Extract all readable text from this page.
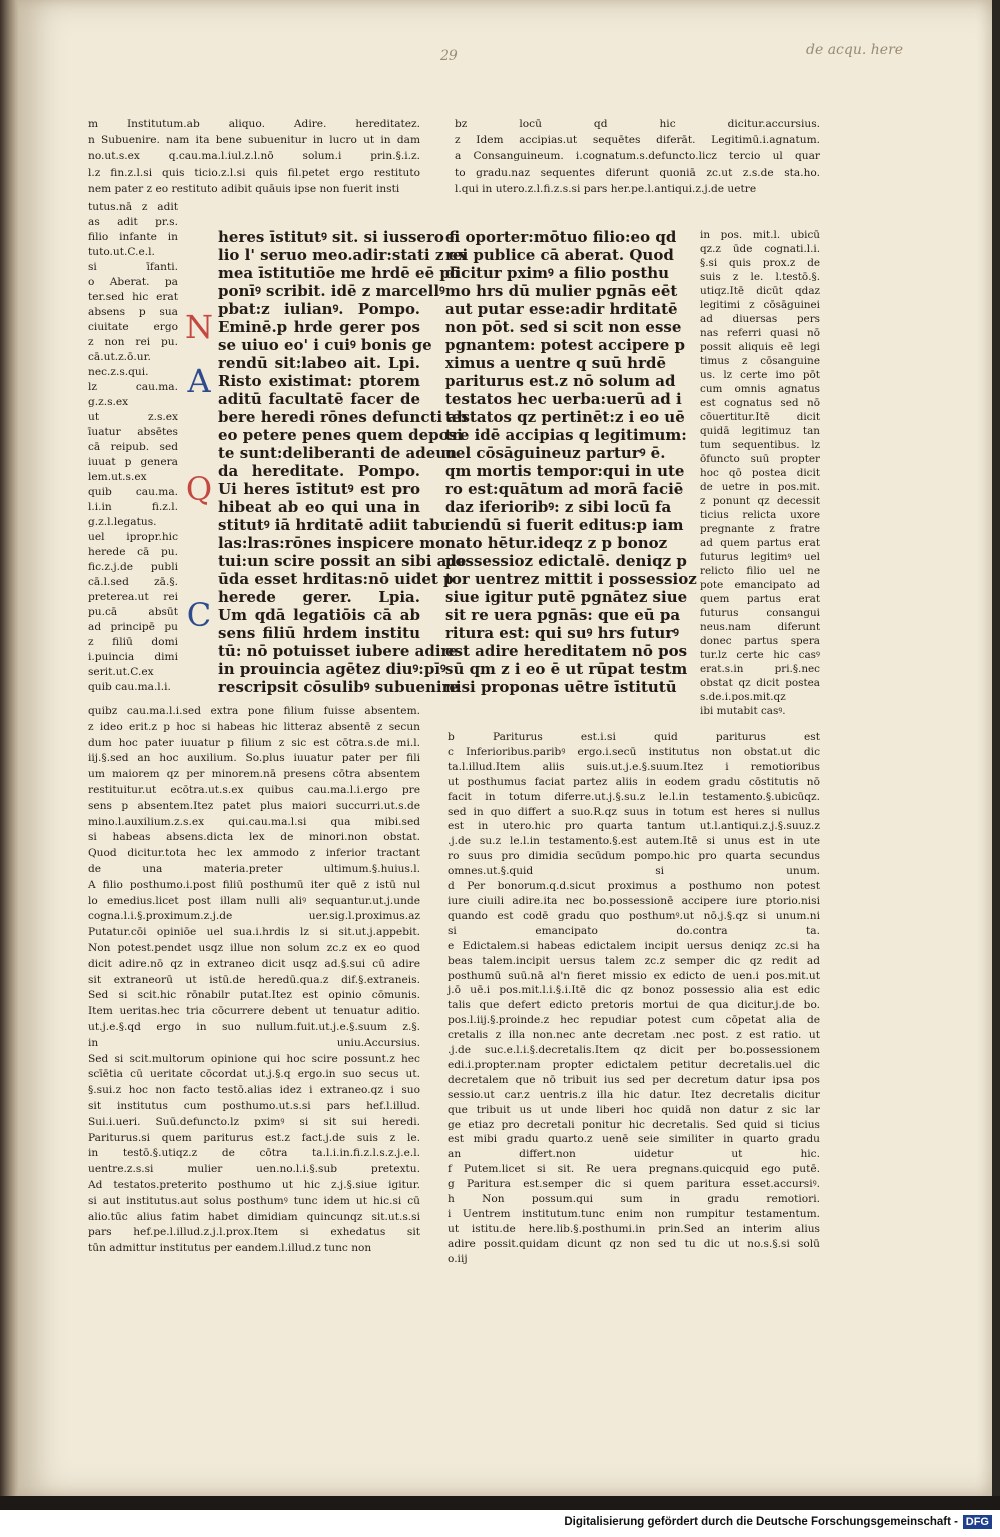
29	de acqu. here
m Institutum.ab aliquo. Adire. hereditatez.
n Subuenire. nam ita bene subuenitur in lucro ut in dam
no.ut.s.ex q.cau.ma.l.iul.z.l.nō solum.i prin.§.i.z.
l.z fin.z.l.si quis ticio.z.l.si quis fil.petet ergo restituto
nem pater z eo restituto adibit quāuis ipse non fuerit insti
bz locū qd hic dicitur.accursius.
z Idem accipias.ut sequētes diferāt. Legitimū.i.agnatum.
a Consanguineum. i.cognatum.s.defuncto.licz tercio ul quar
to gradu.naz sequentes diferunt quoniā zc.ut z.s.de sta.ho.
l.qui in utero.z.l.fi.z.s.si pars her.pe.l.antiqui.z.j.de uetre
tutus.nā z adit
as adit pr.s.
filio infante in
tuto.ut.C.e.l.
si īfanti.
o Aberat. pa
ter.sed hic erat
absens p sua
ciuitate ergo
z non rei pu.
cā.ut.z.ō.ur.
nec.z.s.qui.
lz cau.ma.
g.z.s.ex
ut z.s.ex
īuatur absētes
cā reipub. sed
iuuat p genera
lem.ut.s.ex
quib cau.ma.
l.i.in fi.z.l.
g.z.l.legatus.
uel ipropr.hic
herede cā pu.
fic.z.j.de publi
cā.l.sed zā.§.
preterea.ut rei
pu.cā absūt
ad principē pu
z filiū domi
i.puincia dimi
serit.ut.C.ex
quib cau.ma.l.i.
heres īstitutꝰ sit. si iussero fi
lio l' seruo meo.adir:stati z ex
mea īstitutiōe me hrdē eē pō
ponīꝰ scribit. idē z marcellꝰ
pbat:z iulianꝰ. Pompo.
Eminē.p hrde gerer pos
se uiuo eo' i cuiꝰ bonis ge
rendū sit:labeo ait. Lpi.
Risto existimat: ptorem
aditū facultatē facer de
bere heredi rōnes defuncti ab
eo petere penes quem deposi
te sunt:deliberanti de adeun
da hereditate. Pompo.
Ui heres īstitutꝰ est pro
hibeat ab eo qui una in
stitutꝰ iā hrditatē adiit tabu
las:lras:rōnes inspicere mor
tui:un scire possit an sibi ade
ūda esset hrditas:nō uidet p
herede gerer. Lpia.
Um qdā legatiōis cā ab
sens filiū hrdem institu
tū: nō potuisset iubere adire
in prouincia agētez diuꝰ:pīꝰ
rescripsit cōsulibꝰ subuenire
ei oporter:mōtuo filio:eo qd
rei publice cā aberat. Quod
dicitur pximꝰ a filio posthu
mo hrs dū mulier pgnās eēt
aut putar esse:adir hrditatē
non pōt. sed si scit non esse
pgnantem: potest accipere p
ximus a uentre q suū hrdē
pariturus est.z nō solum ad
testatos hec uerba:uerū ad i
testatos qz pertinēt:z i eo uē
tre idē accipias q legitimum:
uel cōsāguineuz parturꝰ ē.
qm mortis tempor:qui in ute
ro est:quātum ad morā faciē
daz iferioribꝰ: z sibi locū fa
ciendū si fuerit editus:p iam
nato hētur.ideqz z p bonoz
possessioz edictalē. deniqz p
tor uentrez mittit i possessioz
siue igitur putē pgnātez siue
sit re uera pgnās: que eū pa
ritura est: qui suꝰ hrs futurꝰ
est adire hereditatem nō pos
sū qm z i eo ē ut rūpat testm
nisi proponas uētre īstitutū
in pos. mit.l. ubicū
qz.z ūde cognati.l.i.
§.si quis prox.z de
suis z le. l.testō.§.
utiqz.Itē dicūt qdaz
legitimi z cōsāguinei
ad diuersas pers
nas referri quasi nō
possit aliquis eē legi
timus z cōsanguine
us. lz certe imo pōt
cum omnis agnatus
est cognatus sed nō
cōuertitur.Itē dicit
quidā legitimuz tan
tum sequentibus. lz
ōfuncto suū propter
hoc qō postea dicit
de uetre in pos.mit.
z ponunt qz decessit
ticius relicta uxore
pregnante z fratre
ad quem partus erat
futurus legitimꝰ uel
relicto filio uel ne
pote emancipato ad
quem partus erat
futurus consangui
neus.nam diferunt
donec partus spera
tur.lz certe hic casꝰ
erat.s.in pri.§.nec
obstat qz dicit postea
s.de.i.pos.mit.qz
ibi mutabit casꝰ.
quibz cau.ma.l.i.sed extra pone filium fuisse absentem.
z ideo erit.z p hoc si habeas hic litteraz absentē z secun
dum hoc pater iuuatur p filium z sic est cōtra.s.de mi.l.
iij.§.sed an hoc auxilium. So.plus iuuatur pater per fili
um maiorem qz per minorem.nā presens cōtra absentem
restituitur.ut ecōtra.ut.s.ex quibus cau.ma.l.i.ergo pre
sens p absentem.Itez patet plus maiori succurri.ut.s.de
mino.l.auxilium.z.s.ex qui.cau.ma.l.si qua mibi.sed
si habeas absens.dicta lex de minori.non obstat.
Quod dicitur.tota hec lex ammodo z inferior tractant
de una materia.preter ultimum.§.huius.l.
A filio posthumo.i.post filiū posthumū iter quē z istū nul
lo emedius.licet post illam nulli aliꝰ sequantur.ut.j.unde
cogna.l.i.§.proximum.z.j.de uer.sig.l.proximus.az
Putatur.cōi opiniōe uel sua.i.hrdis lz si sit.ut.j.appebit.
Non potest.pendet usqz illue non solum zc.z ex eo quod
dicit adire.nō qz in extraneo dicit usqz ad.§.sui cū adire
sit extraneorū ut istū.de heredū.qua.z dif.§.extraneis.
Sed si scit.hic rōnabilr putat.Itez est opinio cōmunis.
Item ueritas.hec tria cōcurrere debent ut tenuatur aditio.
ut.j.e.§.qd ergo in suo nullum.fuit.ut.j.e.§.suum z.§.
in uniu.Accursius.
Sed si scit.multorum opinione qui hoc scire possunt.z hec
scīētia cū ueritate cōcordat ut.j.§.q ergo.in suo secus ut.
§.sui.z hoc non facto testō.alias idez i extraneo.qz i suo
sit institutus cum posthumo.ut.s.si pars hef.l.illud.
Sui.i.ueri. Suū.defuncto.lz pximꝰ si sit sui heredi.
Pariturus.si quem pariturus est.z fact.j.de suis z le.
in testō.§.utiqz.z de cōtra ta.l.i.in.fi.z.l.s.z.j.e.l.
uentre.z.s.si mulier uen.no.l.i.§.sub pretextu.
Ad testatos.preterito posthumo ut hic z.j.§.siue igitur.
si aut institutus.aut solus posthumꝰ tunc idem ut hic.si cū
alio.tūc alius fatim habet dimidiam quincunqz sit.ut.s.si
pars hef.pe.l.illud.z.j.l.prox.Item si exhedatus sit
tūn admittur institutus per eandem.l.illud.z tunc non
b Pariturus est.i.si quid pariturus est
c Inferioribus.paribꝰ ergo.i.secū institutus non obstat.ut dic
ta.l.illud.Item aliis suis.ut.j.e.§.suum.Itez i remotioribus
ut posthumus faciat partez aliis in eodem gradu cōstitutis nō
facit in totum diferre.ut.j.§.su.z le.l.in testamento.§.ubicūqz.
sed in quo differt a suo.R.qz suus in totum est heres si nullus
est in utero.hic pro quarta tantum ut.l.antiqui.z.j.§.suuz.z
.j.de su.z le.l.in testamento.§.est autem.Itē si unus est in ute
ro suus pro dimidia secūdum pompo.hic pro quarta secundus
omnes.ut.§.quid si unum.
d Per bonorum.q.d.sicut proximus a posthumo non potest
iure ciuili adire.ita nec bo.possessionē accipere iure ptorio.nisi
quando est codē gradu quo posthumꝰ.ut nō.j.§.qz si unum.ni
si emancipato do.contra ta.
e Edictalem.si habeas edictalem incipit uersus deniqz zc.si ha
beas talem.incipit uersus talem zc.z semper dic qz redit ad
posthumū suū.nā al'n fieret missio ex edicto de uen.i pos.mit.ut
j.ō uē.i pos.mit.l.i.§.i.Itē dic qz bonoz possessio alia est edic
talis que defert edicto pretoris mortui de qua dicitur.j.de bo.
pos.l.iij.§.proinde.z hec repudiar potest cum cōpetat alia de
cretalis z illa non.nec ante decretam .nec post. z est ratio. ut
.j.de suc.e.l.i.§.decretalis.Item qz dicit per bo.possessionem
edi.i.propter.nam propter edictalem petitur decretalis.uel dic
decretalem que nō tribuit ius sed per decretum datur ipsa pos
sessio.ut car.z uentris.z illa hic datur. Itez decretalis dicitur
que tribuit us ut unde liberi hoc quidā non datur z sic lar
ge etiaz pro decretali ponitur hic decretalis. Sed quid si ticius
est mibi gradu quarto.z uenē seie similiter in quarto gradu
an differt.non uidetur ut hic.
f Putem.licet si sit. Re uera pregnans.quicquid ego putē.
g Paritura est.semper dic si quem paritura esset.accursiꝰ.
h Non possum.qui sum in gradu remotiori.
i Uentrem institutum.tunc enim non rumpitur testamentum.
ut istitu.de here.lib.§.posthumi.in prin.Sed an interim alius
adire possit.quidam dicunt qz non sed tu dic ut no.s.§.si solū
o.iij
N
A
Q
C
Digitalisierung gefördert durch die Deutsche Forschungsgemeinschaft - DFG
